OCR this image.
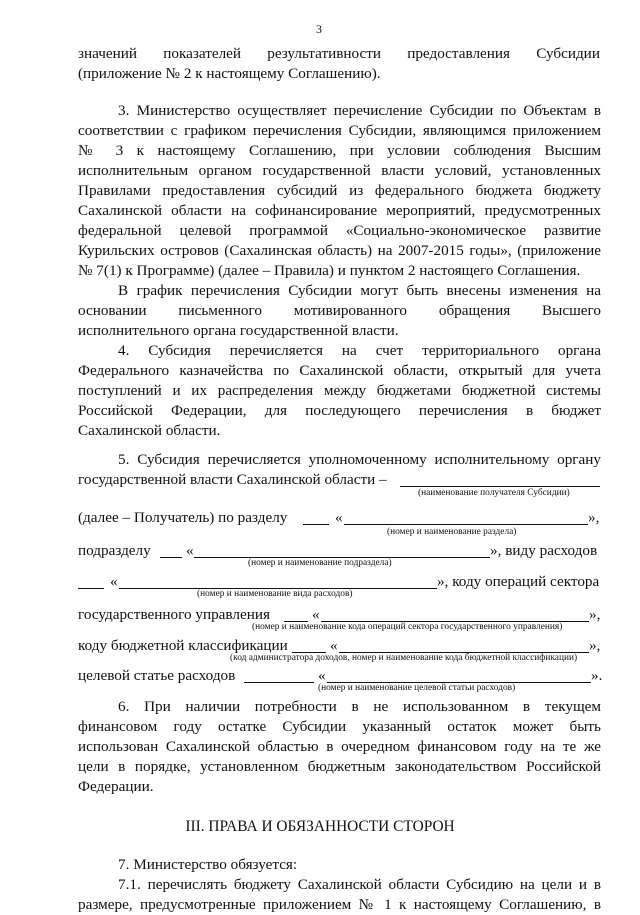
3
значений показателей результативности предоставления Субсидии
(приложение № 2 к настоящему Соглашению).
3. Министерство осуществляет перечисление Субсидии по Объектам в
соответствии с графиком перечисления Субсидии, являющимся приложением
№ 3 к настоящему Соглашению, при условии соблюдения Высшим
исполнительным органом государственной власти условий, установленных
Правилами предоставления субсидий из федерального бюджета бюджету
Сахалинской области на софинансирование мероприятий, предусмотренных
федеральной целевой программой «Социально-экономическое развитие
Курильских островов (Сахалинская область) на 2007-2015 годы», (приложение
№ 7(1) к Программе) (далее – Правила) и пунктом 2 настоящего Соглашения.
В график перечисления Субсидии могут быть внесены изменения на
основании письменного мотивированного обращения Высшего
исполнительного органа государственной власти.
4. Субсидия перечисляется на счет территориального органа
Федерального казначейства по Сахалинской области, открытый для учета
поступлений и их распределения между бюджетами бюджетной системы
Российской Федерации, для последующего перечисления в бюджет
Сахалинской области.
5. Субсидия перечисляется уполномоченному исполнительному органу
государственной власти Сахалинской области –
(наименование получателя Субсидии)
(далее – Получатель) по разделу	«	»,
(номер и наименование раздела)
подразделу «	», виду расходов
(номер и наименование подраздела)
«	», коду операций сектора
(номер и наименование вида расходов)
государственного управления	«	»,
(номер и наименование кода операций сектора государственного управления)
коду бюджетной классификации	«	»,
(код администратора доходов, номер и наименование кода бюджетной классификации)
целевой статье расходов	«	».
(номер и наименование целевой статьи расходов)
6. При наличии потребности в не использованном в текущем
финансовом году остатке Субсидии указанный остаток может быть
использован Сахалинской областью в очередном финансовом году на те же
цели в порядке, установленном бюджетным законодательством Российской
Федерации.
III. ПРАВА И ОБЯЗАННОСТИ СТОРОН
7. Министерство обязуется:
7.1. перечислять бюджету Сахалинской области Субсидию на цели и в
размере, предусмотренные приложением № 1 к настоящему Соглашению, в
